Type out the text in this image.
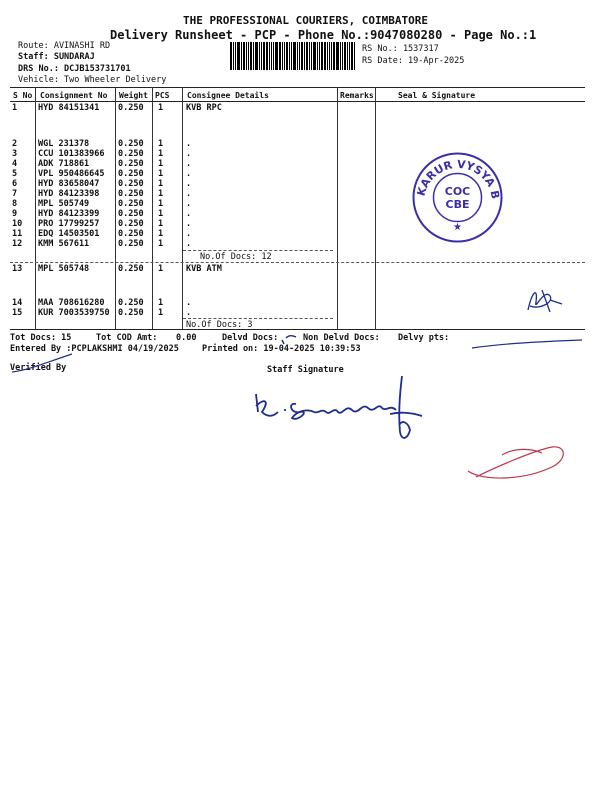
THE PROFESSIONAL COURIERS, COIMBATORE
Delivery Runsheet - PCP - Phone No.:9047080280 - Page No.:1
Route: AVINASHI RD
Staff: SUNDARAJ
DRS No.: DCJB153731701
Vehicle: Two Wheeler Delivery
RS No.: 1537317
RS Date: 19-Apr-2025
S No Consignment No Weight PCS Consignee Details	Remarks	Seal & Signature
1 HYD 84151341 0.250 1	KVB RPC
2 WGL 231378	0.250 1	.
3 CCU 101383966 0.250 1	.
4 ADK 718861	0.250 1	.
5 VPL 950486645 0.250 1	.
6 HYD 83658047 0.250 1	.
7 HYD 84123398 0.250 1	.
8 MPL 505749	0.250 1	.
9 HYD 84123399 0.250 1	.
10 PRO 17799257 0.250 1	.
11 EDQ 14503501 0.250 1	.
12 KMM 567611	0.250 1	.
No.Of Docs: 12
13 MPL 505748	0.250 1	KVB ATM
14 MAA 708616280 0.250 1	.
15 KUR 7003539750 0.250 1	.
No.Of Docs: 3
Tot Docs: 15	Tot COD Amt: 0.00	Delvd Docs:	Non Delvd Docs: Delvy pts:
Entered By :PCPLAKSHMI 04/19/2025	Printed on: 19-04-2025 10:39:53
Verified By	Staff Signature
KARUR VYSYA BANK
COC
CBE
★
